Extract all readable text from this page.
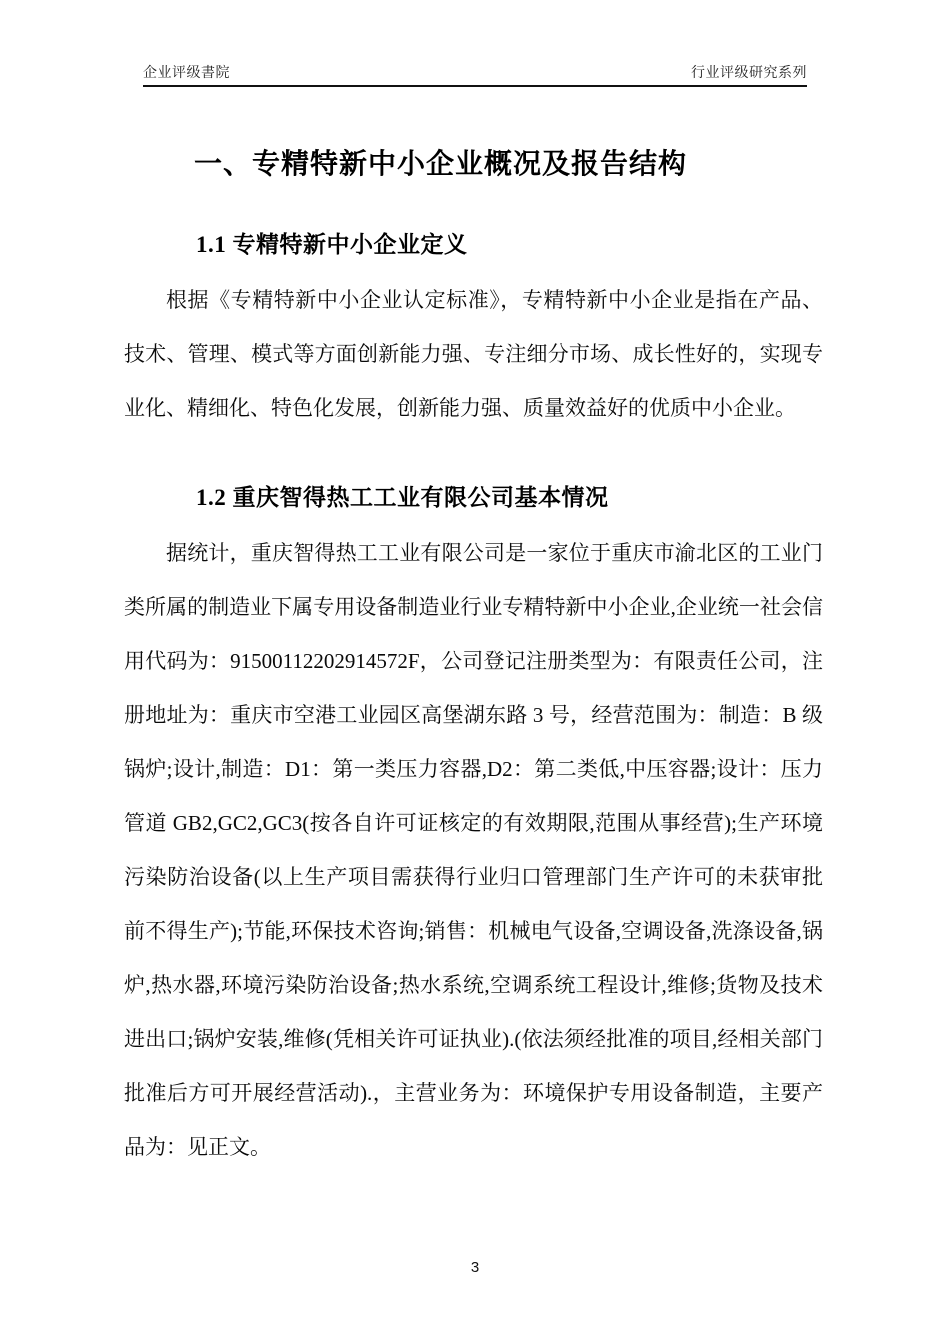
企业评级書院	行业评级研究系列
一、专精特新中小企业概况及报告结构
1.1 专精特新中小企业定义

根据《专精特新中小企业认定标准》，专精特新中小企业是指在产品、技术、管理、模式等方面创新能力强、专注细分市场、成长性好的，实现专业化、精细化、特色化发展，创新能力强、质量效益好的优质中小企业。

1.2 重庆智得热工工业有限公司基本情况

据统计，重庆智得热工工业有限公司是一家位于重庆市渝北区的工业门类所属的制造业下属专用设备制造业行业专精特新中小企业,企业统一社会信用代码为：91500112202914572F，公司登记注册类型为：有限责任公司，注册地址为：重庆市空港工业园区高堡湖东路 3 号，经营范围为：制造：B 级锅炉;设计,制造：D1：第一类压力容器,D2：第二类低,中压容器;设计：压力管道 GB2,GC2,GC3(按各自许可证核定的有效期限,范围从事经营);生产环境污染防治设备(以上生产项目需获得行业归口管理部门生产许可的未获审批前不得生产);节能,环保技术咨询;销售：机械电气设备,空调设备,洗涤设备,锅炉,热水器,环境污染防治设备;热水系统,空调系统工程设计,维修;货物及技术进出口;锅炉安装,维修(凭相关许可证执业).(依法须经批准的项目,经相关部门批准后方可开展经营活动).，主营业务为：环境保护专用设备制造，主要产品为：见正文。

3
